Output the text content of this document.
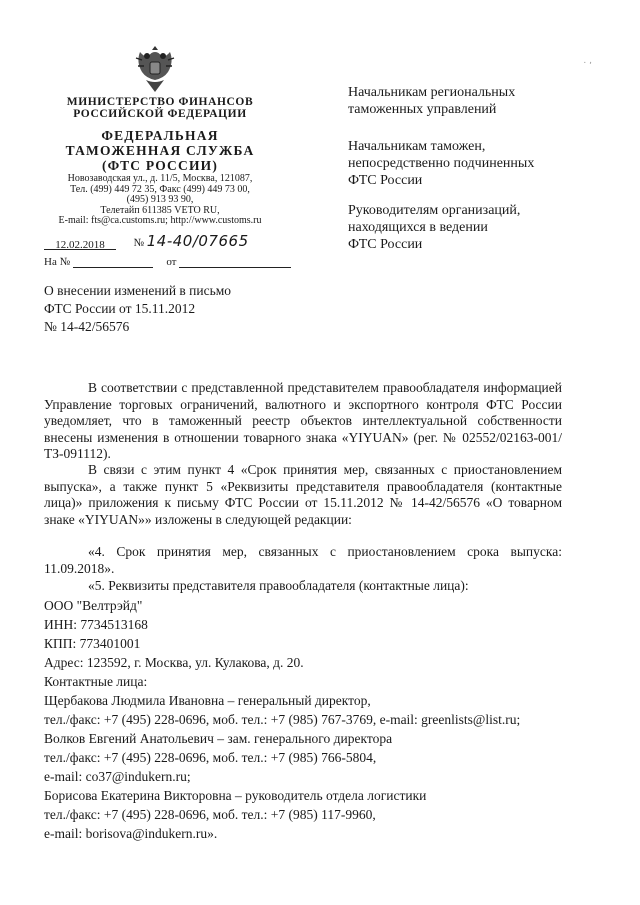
. ,
МИНИСТЕРСТВО ФИНАНСОВ
РОССИЙСКОЙ ФЕДЕРАЦИИ
ФЕДЕРАЛЬНАЯ
ТАМОЖЕННАЯ СЛУЖБА
(ФТС РОССИИ)
Новозаводская ул., д. 11/5, Москва, 121087,
Тел. (499) 449 72 35, Факс (499) 449 73 00,
(495) 913 93 90,
Телетайп 611385 VETO RU,
E-mail: fts@ca.customs.ru; http://www.customs.ru
12.02.2018	№ 14-40/07665
На №	от
Начальникам региональных
таможенных управлений
Начальникам таможен,
непосредственно подчиненных
ФТС России
Руководителям организаций,
находящихся в ведении
ФТС России
О внесении изменений в письмо
ФТС России от 15.11.2012
№ 14-42/56576
В соответствии с представленной представителем правообладателя информацией Управление торговых ограничений, валютного и экспортного контроля ФТС России уведомляет, что в таможенный реестр объектов интеллектуальной собственности внесены изменения в отношении товарного знака «YIYUAN» (рег. № 02552/02163-001/ТЗ-091112).
В связи с этим пункт 4 «Срок принятия мер, связанных с приостановлением выпуска», а также пункт 5 «Реквизиты представителя правообладателя (контактные лица)» приложения к письму ФТС России от 15.11.2012 № 14-42/56576 «О товарном знаке «YIYUAN»» изложены в следующей редакции:
«4. Срок принятия мер, связанных с приостановлением срока выпуска: 11.09.2018».
«5. Реквизиты представителя правообладателя (контактные лица):
ООО "Велтрэйд"
ИНН: 7734513168
КПП: 773401001
Адрес: 123592, г. Москва, ул. Кулакова, д. 20.
Контактные лица:
Щербакова Людмила Ивановна – генеральный директор,
тел./факс: +7 (495) 228-0696, моб. тел.: +7 (985) 767-3769, e-mail: greenlists@list.ru;
Волков Евгений Анатольевич – зам. генерального директора
тел./факс: +7 (495) 228-0696, моб. тел.: +7 (985) 766-5804,
e-mail: co37@indukern.ru;
Борисова Екатерина Викторовна – руководитель отдела логистики
тел./факс: +7 (495) 228-0696, моб. тел.: +7 (985) 117-9960,
e-mail: borisova@indukern.ru».
